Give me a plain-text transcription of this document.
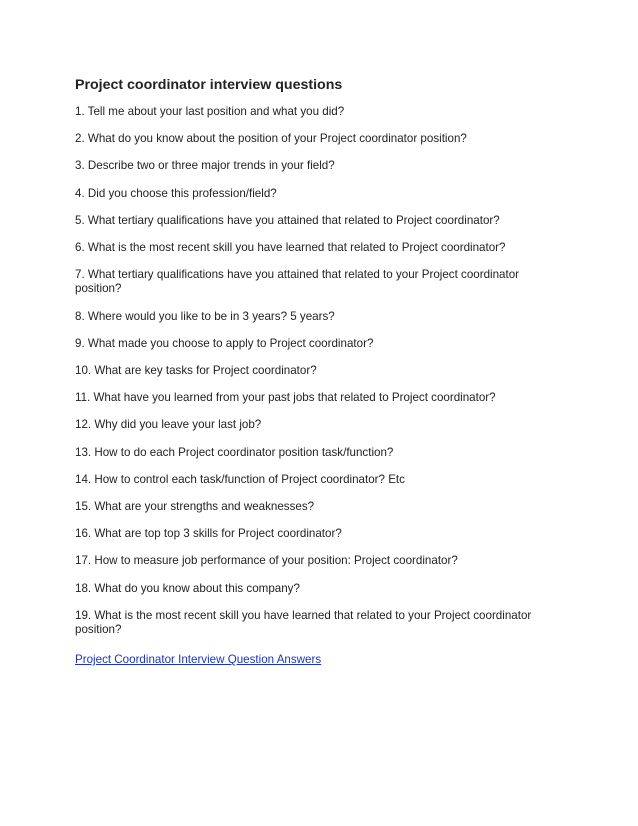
Project coordinator interview questions
1. Tell me about your last position and what you did?
2. What do you know about the position of your Project coordinator position?
3. Describe two or three major trends in your field?
4. Did you choose this profession/field?
5. What tertiary qualifications have you attained that related to Project coordinator?
6. What is the most recent skill you have learned that related to Project coordinator?
7. What tertiary qualifications have you attained that related to your Project coordinator position?
8. Where would you like to be in 3 years? 5 years?
9. What made you choose to apply to Project coordinator?
10. What are key tasks for Project coordinator?
11. What have you learned from your past jobs that related to Project coordinator?
12. Why did you leave your last job?
13. How to do each Project coordinator position task/function?
14. How to control each task/function of Project coordinator? Etc
15. What are your strengths and weaknesses?
16. What are top top 3 skills for Project coordinator?
17. How to measure job performance of your position: Project coordinator?
18. What do you know about this company?
19. What is the most recent skill you have learned that related to your Project coordinator position?
Project Coordinator Interview Question Answers
